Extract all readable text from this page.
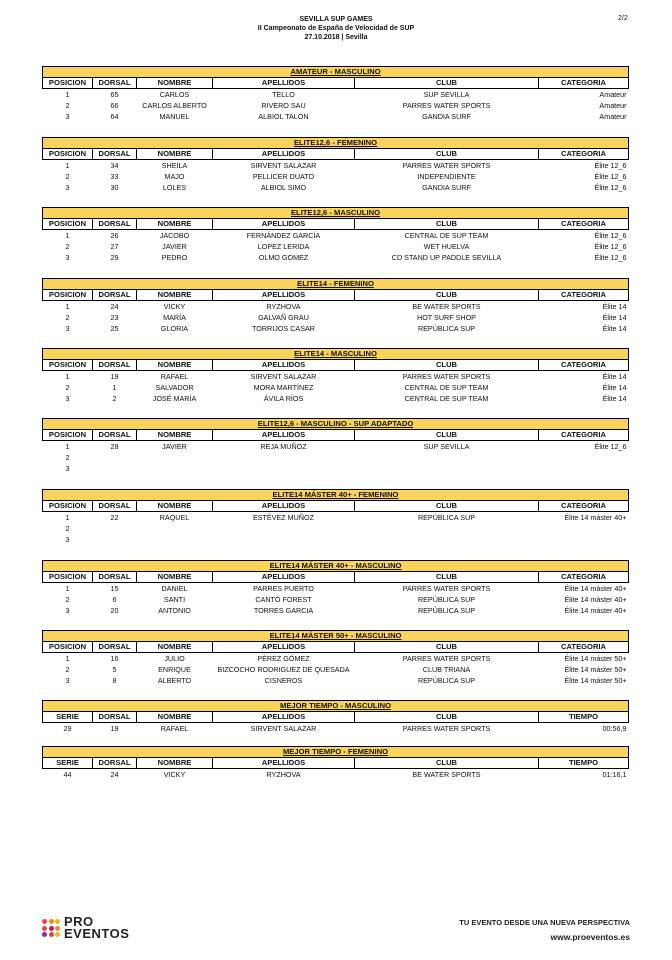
SEVILLA SUP GAMES
II Campeonato de España de Velocidad de SUP
27.10.2018 | Sevilla
2/2
AMATEUR - MASCULINO					
POSICION	DORSAL	NOMBRE	APELLIDOS	CLUB	CATEGORIA
1	65	CARLOS	TELLO	SUP SEVILLA	Amateur
2	66	CARLOS ALBERTO	RIVERO SAU	PARRES WATER SPORTS	Amateur
3	64	MANUEL	ALBIOL TALON	GANDIA SURF	Amateur
ELITE12,6 - FEMENINO					
POSICION	DORSAL	NOMBRE	APELLIDOS	CLUB	CATEGORIA
1	34	SHEILA	SIRVENT SALAZAR	PARRES WATER SPORTS	Élite 12_6
2	33	MAJO	PELLICER DUATO	INDEPENDIENTE	Élite 12_6
3	30	LOLES	ALBIOL SIMO	GANDIA SURF	Élite 12_6
ELITE12,6 - MASCULINO					
POSICION	DORSAL	NOMBRE	APELLIDOS	CLUB	CATEGORIA
1	26	JACOBO	FERNÁNDEZ GARCÍA	CENTRAL DE SUP TEAM	Élite 12_6
2	27	JAVIER	LOPEZ LERIDA	WET HUELVA	Élite 12_6
3	29	PEDRO	OLMO GOMEZ	CD STAND UP PADDLE SEVILLA	Élite 12_6
ELITE14 - FEMENINO					
POSICION	DORSAL	NOMBRE	APELLIDOS	CLUB	CATEGORIA
1	24	VICKY	RYZHOVA	BE WATER SPORTS	Élite 14
2	23	MARÍA	GALVAÑ GRAU	HOT SURF SHOP	Élite 14
3	25	GLORIA	TORRIJOS CASAR	REPÚBLICA SUP	Élite 14
ELITE14 - MASCULINO					
POSICION	DORSAL	NOMBRE	APELLIDOS	CLUB	CATEGORIA
1	19	RAFAEL	SIRVENT SALAZAR	PARRES WATER SPORTS	Élite 14
2	1	SALVADOR	MORA MARTÍNEZ	CENTRAL DE SUP TEAM	Élite 14
3	2	JOSÉ MARÍA	ÁVILA RÍOS	CENTRAL DE SUP TEAM	Élite 14
ELITE12,6 - MASCULINO - SUP ADAPTADO					
POSICION	DORSAL	NOMBRE	APELLIDOS	CLUB	CATEGORIA
1	28	JAVIER	REJA MUÑOZ	SUP SEVILLA	Élite 12_6
2					
3					
ELITE14 MÁSTER 40+ - FEMENINO					
POSICION	DORSAL	NOMBRE	APELLIDOS	CLUB	CATEGORIA
1	22	RAQUEL	ESTÉVEZ MUÑOZ	REPÚBLICA SUP	Élite 14 máster 40+
2					
3					
ELITE14 MÁSTER 40+ - MASCULINO					
POSICION	DORSAL	NOMBRE	APELLIDOS	CLUB	CATEGORIA
1	15	DANIEL	PARRES PUERTO	PARRES WATER SPORTS	Élite 14 máster 40+
2	6	SANTI	CANTÓ FOREST	REPÚBLICA SUP	Élite 14 máster 40+
3	20	ANTONIO	TORRES GARCIA	REPÚBLICA SUP	Élite 14 máster 40+
ELITE14 MÁSTER 50+ - MASCULINO					
POSICION	DORSAL	NOMBRE	APELLIDOS	CLUB	CATEGORIA
1	16	JULIO	PÉREZ GÓMEZ	PARRES WATER SPORTS	Élite 14 máster 50+
2	5	ENRIQUE	BIZCOCHO RODRIGUEZ DE QUESADA	CLUB TRIANA	Élite 14 máster 50+
3	8	ALBERTO	CISNEROS	REPÚBLICA SUP	Élite 14 máster 50+
MEJOR TIEMPO - MASCULINO					
SERIE	DORSAL	NOMBRE	APELLIDOS	CLUB	TIEMPO
29	19	RAFAEL	SIRVENT SALAZAR	PARRES WATER SPORTS	00:56,9
MEJOR TIEMPO - FEMENINO					
SERIE	DORSAL	NOMBRE	APELLIDOS	CLUB	TIEMPO
44	24	VICKY	RYZHOVA	BE WATER SPORTS	01:16,1
PRO
EVENTOS
TU EVENTO DESDE UNA NUEVA PERSPECTIVA
www.proeventos.es
